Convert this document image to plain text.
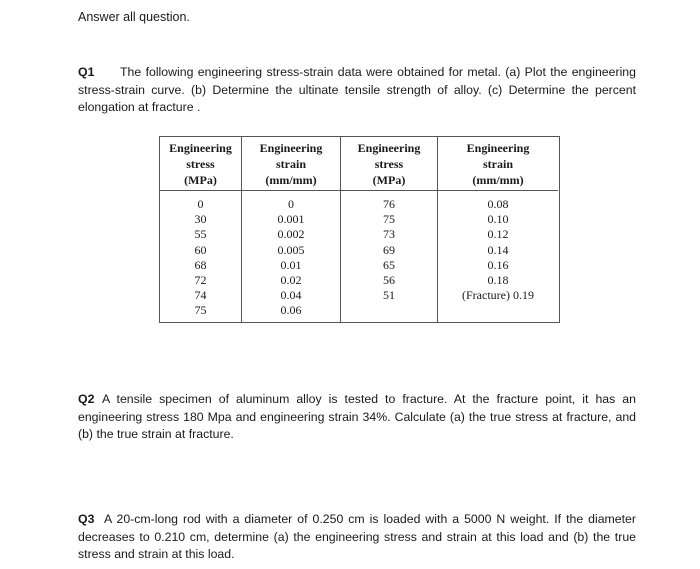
Answer all question.
Q1 The following engineering stress-strain data were obtained for metal. (a) Plot the engineering stress-strain curve. (b) Determine the ultinate tensile strength of alloy. (c) Determine the percent elongation at fracture .
Engineering
stress
(MPa)
0
30
55
60
68
72
74
75
Engineering
strain
(mm/mm)
0
0.001
0.002
0.005
0.01
0.02
0.04
0.06
Engineering
stress
(MPa)
76
75
73
69
65
56
51
Engineering
strain
(mm/mm)
0.08
0.10
0.12
0.14
0.16
0.18
(Fracture) 0.19
Q2 A tensile specimen of aluminum alloy is tested to fracture. At the fracture point, it has an engineering stress 180 Mpa and engineering strain 34%. Calculate (a) the true stress at fracture, and (b) the true strain at fracture.
Q3 A 20-cm-long rod with a diameter of 0.250 cm is loaded with a 5000 N weight. If the diameter decreases to 0.210 cm, determine (a) the engineering stress and strain at this load and (b) the true stress and strain at this load.
